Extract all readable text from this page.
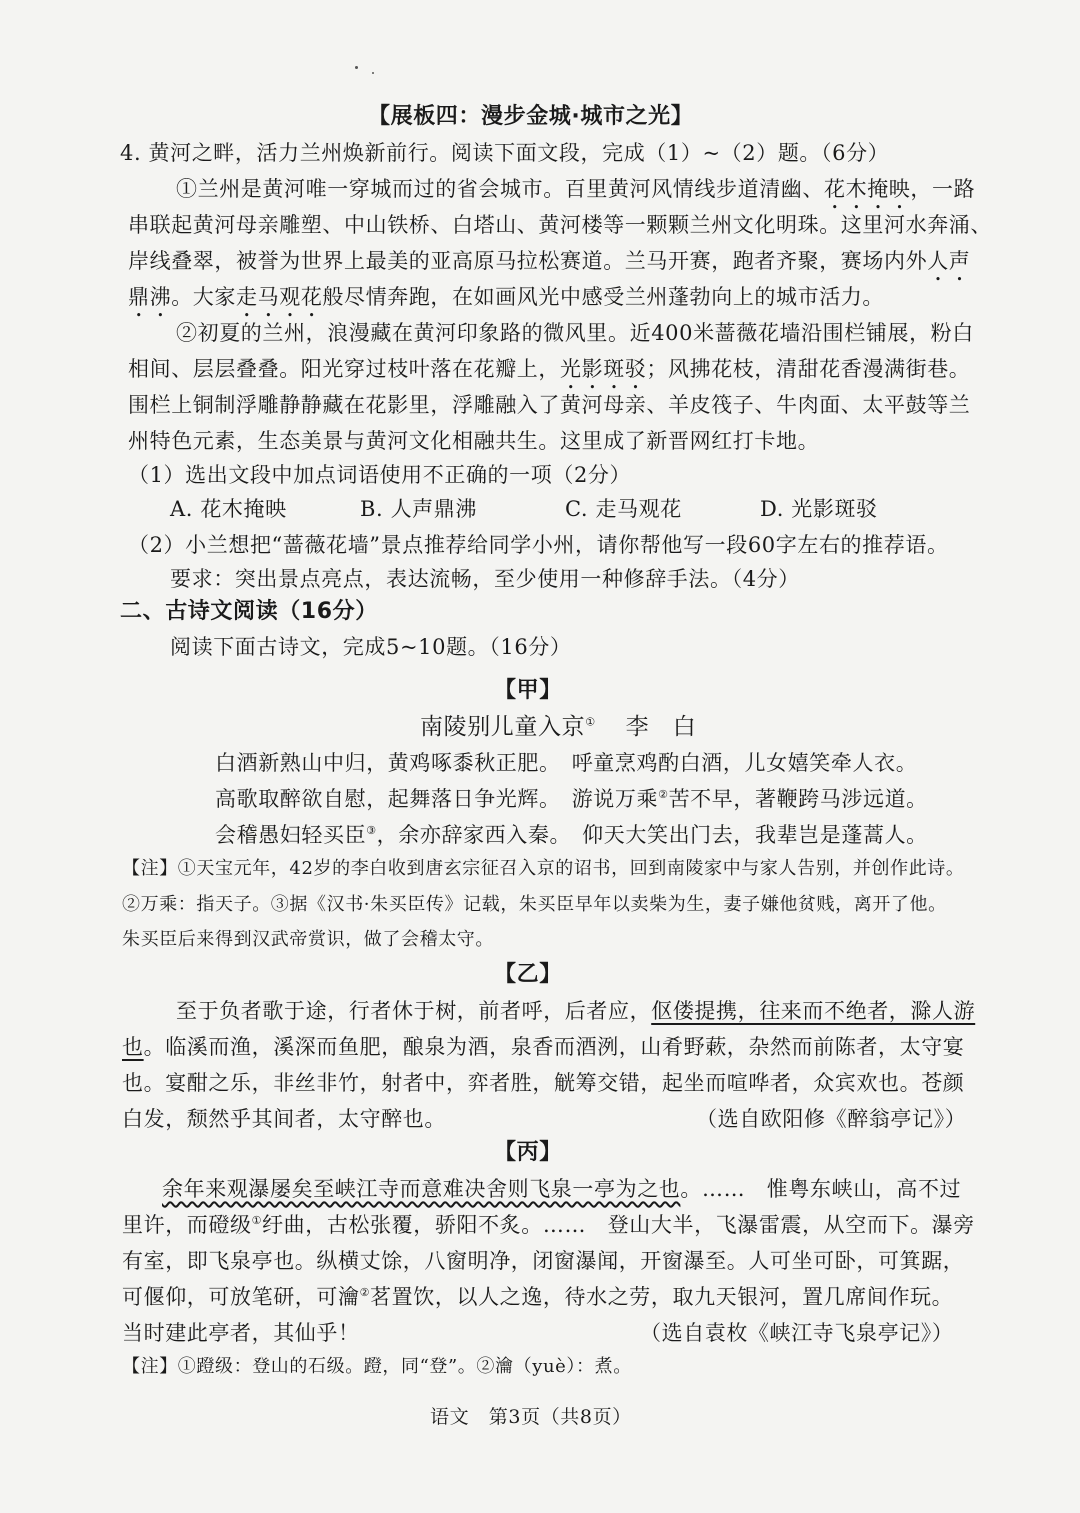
【展板四：漫步金城·城市之光】
4. 黄河之畔，活力兰州焕新前行。阅读下面文段，完成（1）~（2）题。（6分）
①兰州是黄河唯一穿城而过的省会城市。百里黄河风情线步道清幽、花木掩映，一路
串联起黄河母亲雕塑、中山铁桥、白塔山、黄河楼等一颗颗兰州文化明珠。这里河水奔涌、
岸线叠翠，被誉为世界上最美的亚高原马拉松赛道。兰马开赛，跑者齐聚，赛场内外人声
鼎沸。大家走马观花般尽情奔跑，在如画风光中感受兰州蓬勃向上的城市活力。
②初夏的兰州，浪漫藏在黄河印象路的微风里。近400米蔷薇花墙沿围栏铺展，粉白
相间、层层叠叠。阳光穿过枝叶落在花瓣上，光影斑驳；风拂花枝，清甜花香漫满街巷。
围栏上铜制浮雕静静藏在花影里，浮雕融入了黄河母亲、羊皮筏子、牛肉面、太平鼓等兰
州特色元素，生态美景与黄河文化相融共生。这里成了新晋网红打卡地。
（1）选出文段中加点词语使用不正确的一项（2分）
A. 花木掩映	B. 人声鼎沸	C. 走马观花	D. 光影斑驳
（2）小兰想把“蔷薇花墙”景点推荐给同学小州，请你帮他写一段60字左右的推荐语。
要求：突出景点亮点，表达流畅，至少使用一种修辞手法。（4分）
二、古诗文阅读（16分）
阅读下面古诗文，完成5~10题。（16分）
【甲】
南陵别儿童入京① 李　白
白酒新熟山中归，黄鸡啄黍秋正肥。　呼童烹鸡酌白酒，儿女嬉笑牵人衣。
高歌取醉欲自慰，起舞落日争光辉。　游说万乘②苦不早，著鞭跨马涉远道。
会稽愚妇轻买臣③，余亦辞家西入秦。　仰天大笑出门去，我辈岂是蓬蒿人。
【注】①天宝元年，42岁的李白收到唐玄宗征召入京的诏书，回到南陵家中与家人告别，并创作此诗。
②万乘：指天子。③据《汉书·朱买臣传》记载，朱买臣早年以卖柴为生，妻子嫌他贫贱，离开了他。
朱买臣后来得到汉武帝赏识，做了会稽太守。
【乙】
至于负者歌于途，行者休于树，前者呼，后者应，伛偻提携，往来而不绝者，滁人游
也。临溪而渔，溪深而鱼肥，酿泉为酒，泉香而酒洌，山肴野蔌，杂然而前陈者，太守宴
也。宴酣之乐，非丝非竹，射者中，弈者胜，觥筹交错，起坐而喧哗者，众宾欢也。苍颜
白发，颓然乎其间者，太守醉也。	（选自欧阳修《醉翁亭记》）
【丙】
余年来观瀑屡矣至峡江寺而意难决舍则飞泉一亭为之也。……　惟粤东峡山，高不过
里许，而磴级①纡曲，古松张覆，骄阳不炙。……　登山大半，飞瀑雷震，从空而下。瀑旁
有室，即飞泉亭也。纵横丈馀，八窗明净，闭窗瀑闻，开窗瀑至。人可坐可卧，可箕踞，
可偃仰，可放笔研，可瀹②茗置饮，以人之逸，待水之劳，取九天银河，置几席间作玩。
当时建此亭者，其仙乎！	（选自袁枚《峡江寺飞泉亭记》）
【注】①蹬级：登山的石级。蹬，同“登”。②瀹（yuè）：煮。
语文　第3页（共8页）
